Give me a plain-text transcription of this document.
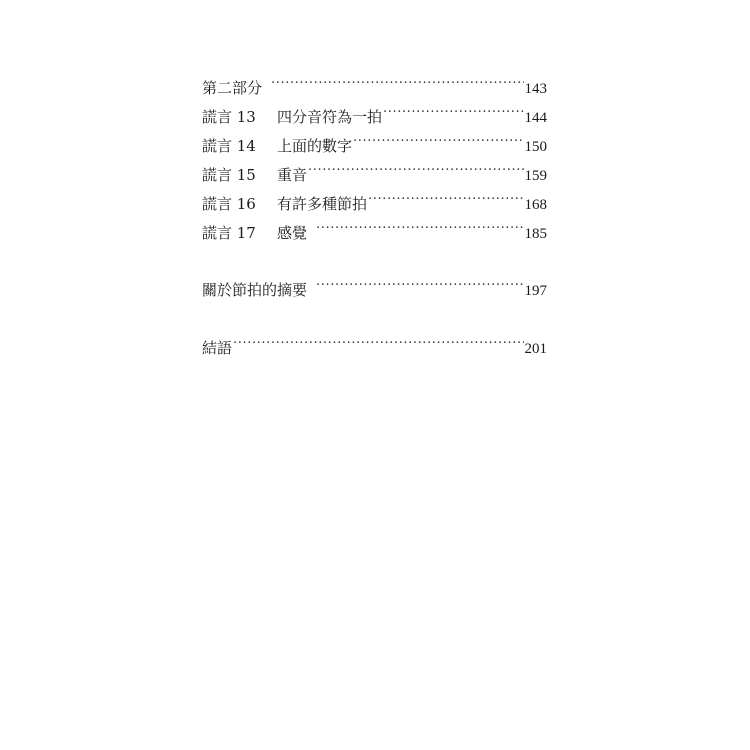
第二部分 .....	143
謊言 13	四分音符為一拍 .....	144
謊言 14	上面的數字 .....	150
謊言 15	重音 .....	159
謊言 16	有許多種節拍 .....	168
謊言 17	感覺 .....	185
關於節拍的摘要 .....	197
結語 .....	201
